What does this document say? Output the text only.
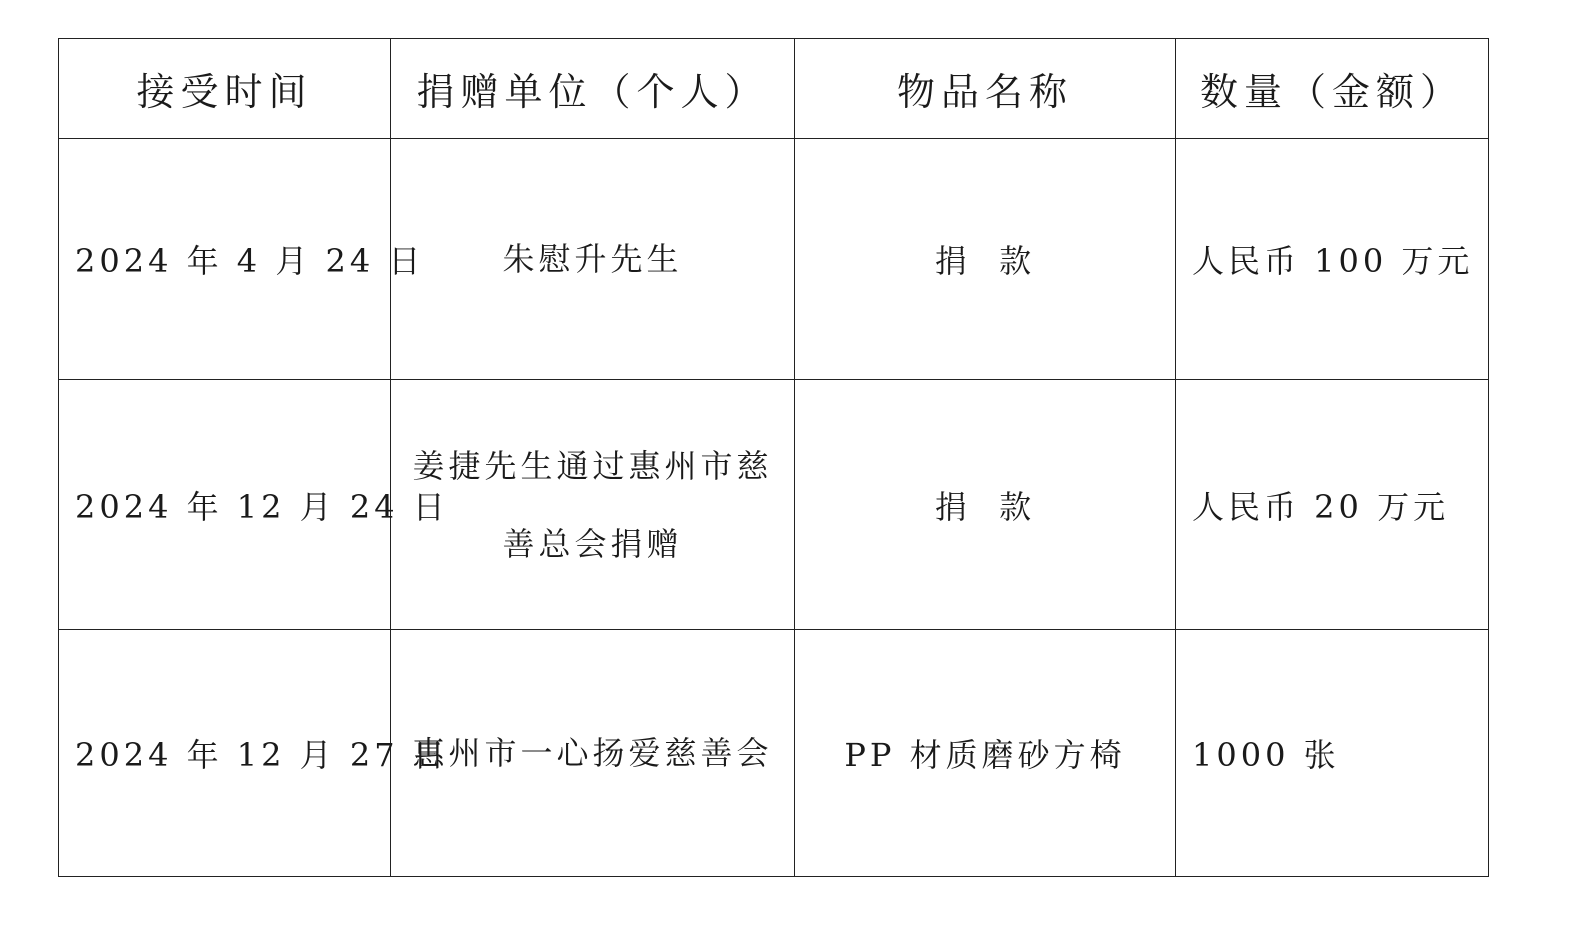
接受时间	捐赠单位（个人）	物品名称	数量（金额）
2024 年 4 月 24 日	朱慰升先生	捐  款	人民币 100 万元
2024 年 12 月 24 日	姜捷先生通过惠州市慈善总会捐赠	捐  款	人民币 20 万元
2024 年 12 月 27 日	惠州市一心扬爱慈善会	PP 材质磨砂方椅	1000 张
